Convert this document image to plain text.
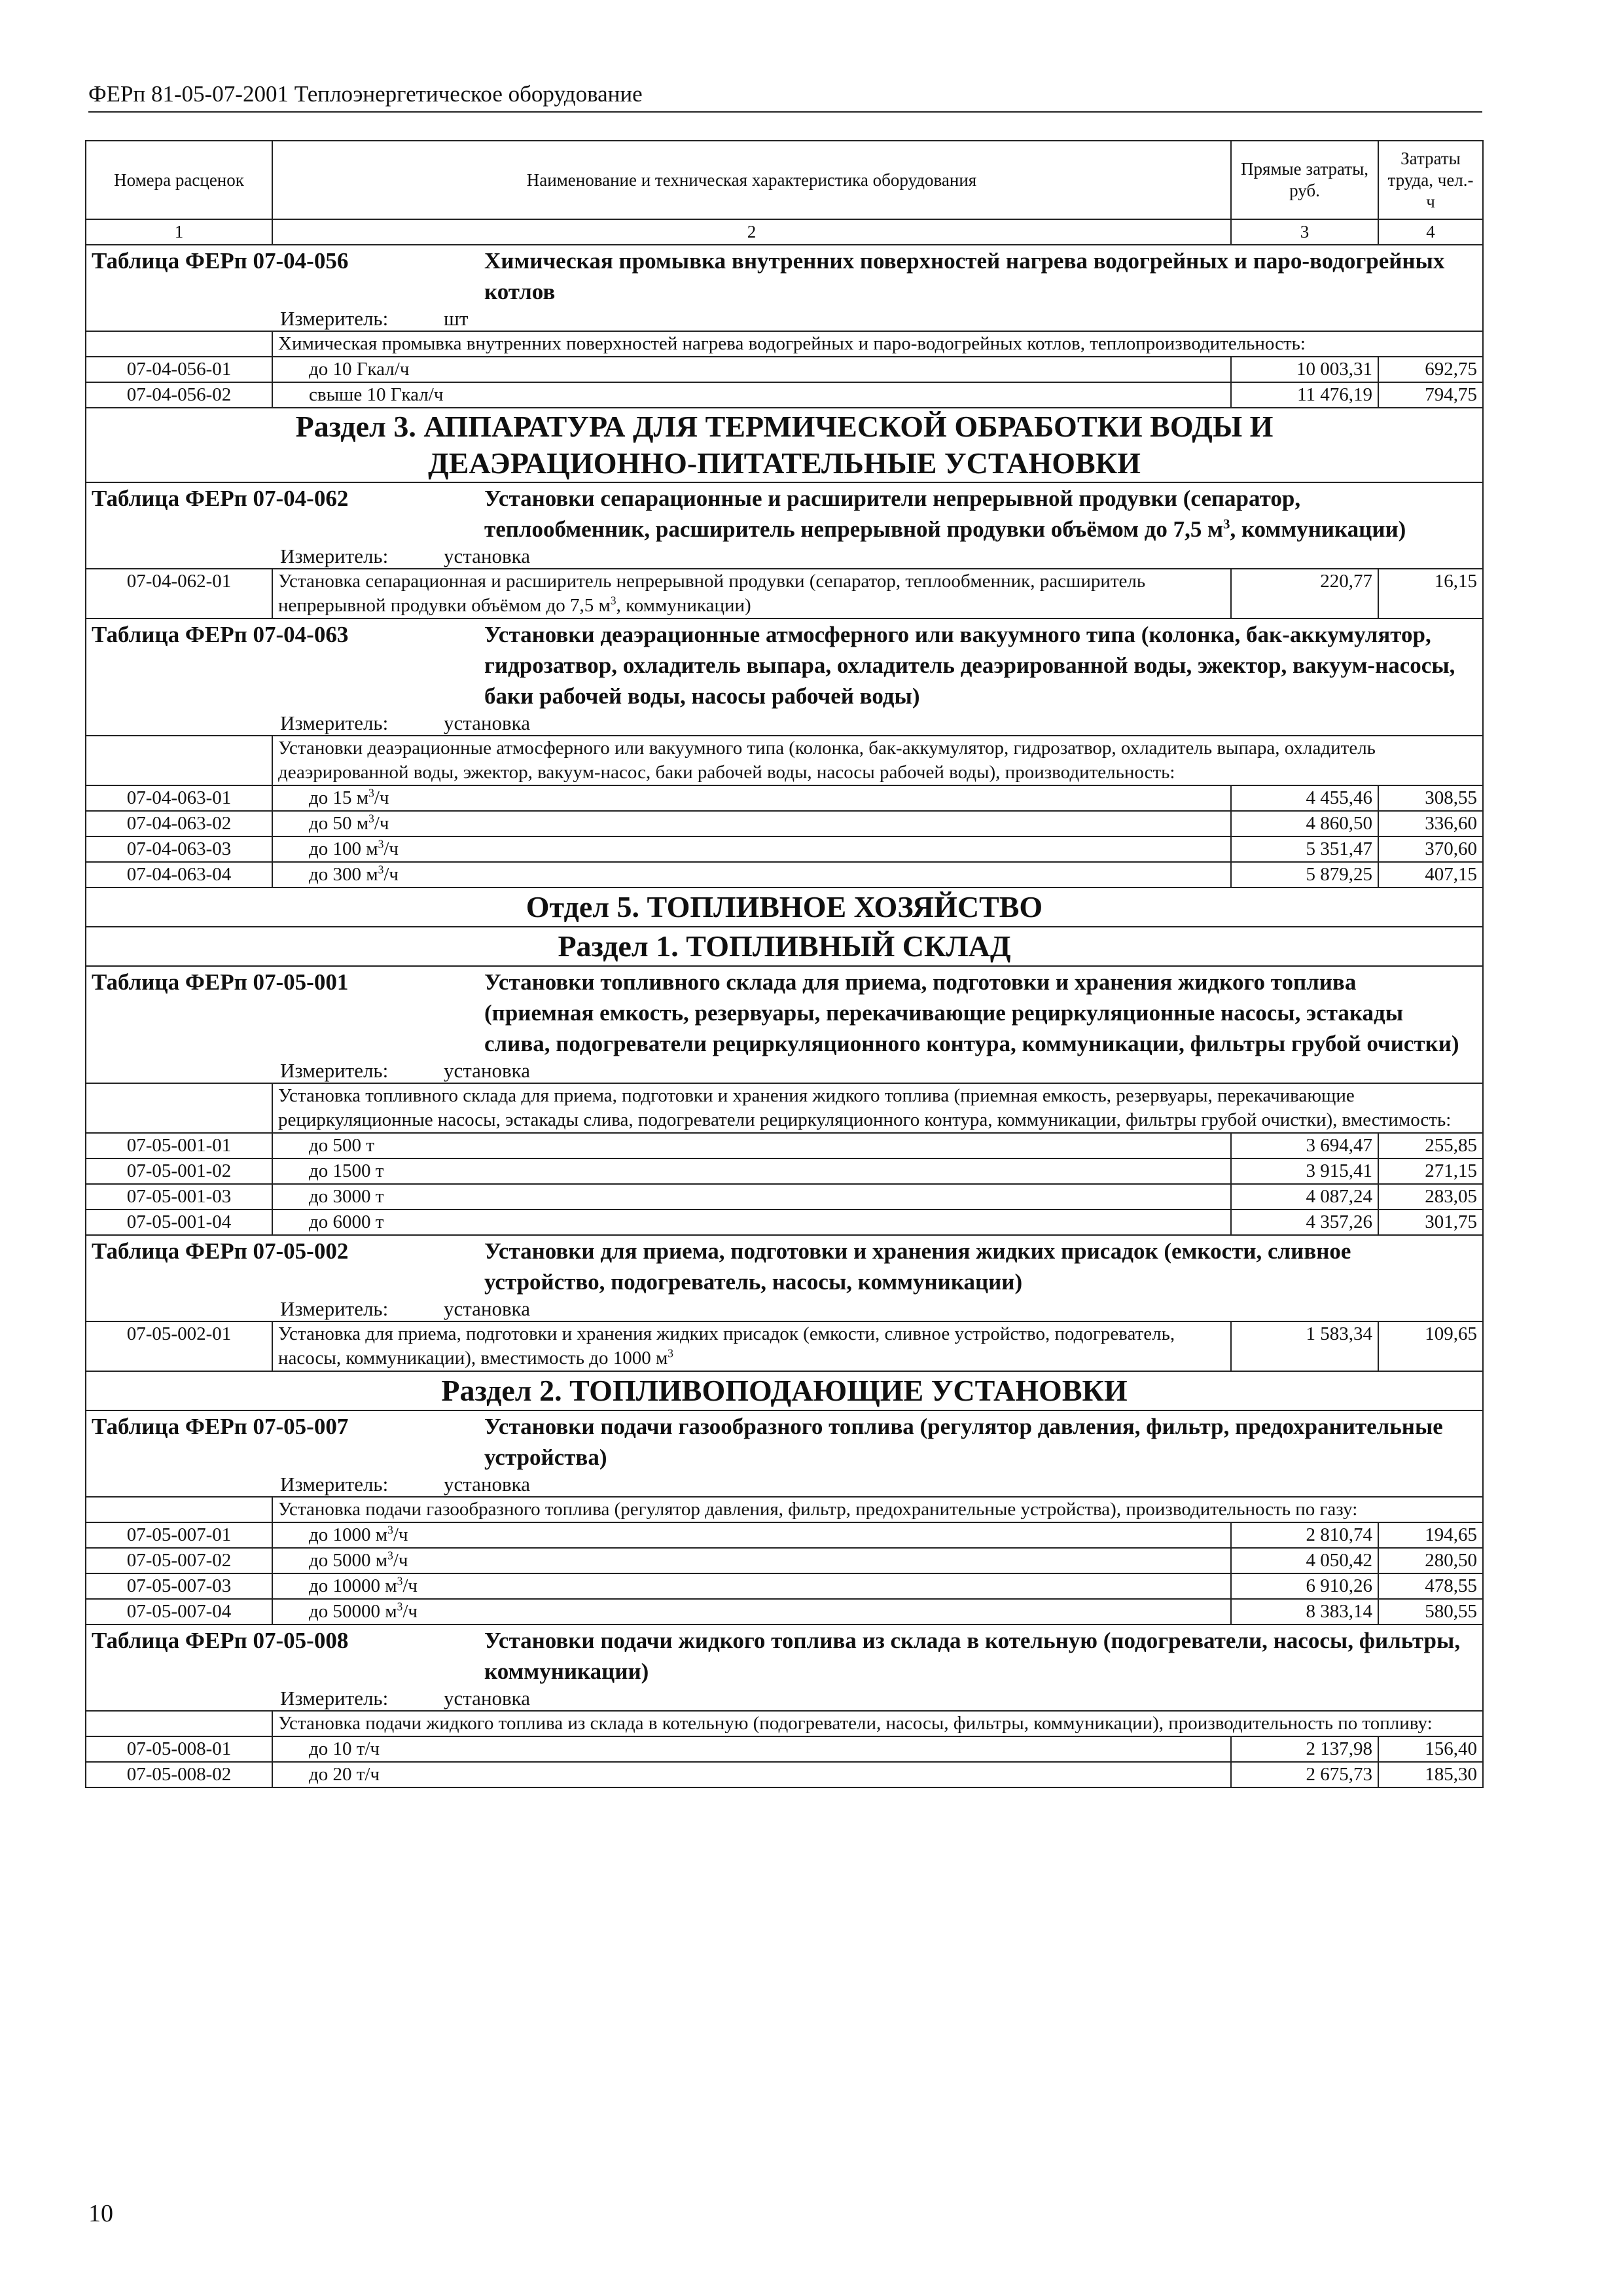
ФЕРп 81-05-07-2001 Теплоэнергетическое оборудование
Номера расценок	Наименование и техническая характеристика оборудования	Прямые затраты, руб.	Затраты труда, чел.-ч
1	2	3	4

Таблица ФЕРп 07-04-056 Химическая промывка внутренних поверхностей нагрева водогрейных и паро-водогрейных котлов
Измеритель: шт			

	Химическая промывка внутренних поверхностей нагрева водогрейных и паро-водогрейных котлов, теплопроизводительность:		
07-04-056-01	до 10 Гкал/ч	10 003,31	692,75
07-04-056-02	свыше 10 Гкал/ч	11 476,19	794,75

Раздел 3. АППАРАТУРА ДЛЯ ТЕРМИЧЕСКОЙ ОБРАБОТКИ ВОДЫ И
ДЕАЭРАЦИОННО-ПИТАТЕЛЬНЫЕ УСТАНОВКИ			

Таблица ФЕРп 07-04-062 Установки сепарационные и расширители непрерывной продувки (сепаратор, теплообменник, расширитель непрерывной продувки объёмом до 7,5 $м^3$, коммуникации)
Измеритель: установка			

07-04-062-01	Установка сепарационная и расширитель непрерывной продувки (сепаратор, теплообменник, расширитель непрерывной продувки объёмом до 7,5 $м^3$, коммуникации)	220,77	16,15

Таблица ФЕРп 07-04-063 Установки деаэрационные атмосферного или вакуумного типа (колонка, бак-аккумулятор, гидрозатвор, охладитель выпара, охладитель деаэрированной воды, эжектор, вакуум-насосы, баки рабочей воды, насосы рабочей воды)
Измеритель: установка			

	Установки деаэрационные атмосферного или вакуумного типа (колонка, бак-аккумулятор, гидрозатвор, охладитель выпара, охладитель деаэрированной воды, эжектор, вакуум-насос, баки рабочей воды, насосы рабочей воды), производительность:		
07-04-063-01	до 15 $м^3/ч$	4 455,46	308,55
07-04-063-02	до 50 $м^3/ч$	4 860,50	336,60
07-04-063-03	до 100 $м^3/ч$	5 351,47	370,60
07-04-063-04	до 300 $м^3/ч$	5 879,25	407,15
Отдел 5. ТОПЛИВНОЕ ХОЗЯЙСТВО			
Раздел 1. ТОПЛИВНЫЙ СКЛАД			

Таблица ФЕРп 07-05-001 Установки топливного склада для приема, подготовки и хранения жидкого топлива (приемная емкость, резервуары, перекачивающие рециркуляционные насосы, эстакады слива, подогреватели рециркуляционного контура, коммуникации, фильтры грубой очистки)
Измеритель: установка			

	Установка топливного склада для приема, подготовки и хранения жидкого топлива (приемная емкость, резервуары, перекачивающие рециркуляционные насосы, эстакады слива, подогреватели рециркуляционного контура, коммуникации, фильтры грубой очистки), вместимость:		
07-05-001-01	до 500 т	3 694,47	255,85
07-05-001-02	до 1500 т	3 915,41	271,15
07-05-001-03	до 3000 т	4 087,24	283,05
07-05-001-04	до 6000 т	4 357,26	301,75

Таблица ФЕРп 07-05-002 Установки для приема, подготовки и хранения жидких присадок (емкости, сливное устройство, подогреватель, насосы, коммуникации)
Измеритель: установка			

07-05-002-01	Установка для приема, подготовки и хранения жидких присадок (емкости, сливное устройство, подогреватель, насосы, коммуникации), вместимость до 1000 $м^3$	1 583,34	109,65
Раздел 2. ТОПЛИВОПОДАЮЩИЕ УСТАНОВКИ			

Таблица ФЕРп 07-05-007 Установки подачи газообразного топлива (регулятор давления, фильтр, предохранительные устройства)
Измеритель: установка			

	Установка подачи газообразного топлива (регулятор давления, фильтр, предохранительные устройства), производительность по газу:		
07-05-007-01	до 1000 $м^3/ч$	2 810,74	194,65
07-05-007-02	до 5000 $м^3/ч$	4 050,42	280,50
07-05-007-03	до 10000 $м^3/ч$	6 910,26	478,55
07-05-007-04	до 50000 $м^3/ч$	8 383,14	580,55

Таблица ФЕРп 07-05-008 Установки подачи жидкого топлива из склада в котельную (подогреватели, насосы, фильтры, коммуникации)
Измеритель: установка			

	Установка подачи жидкого топлива из склада в котельную (подогреватели, насосы, фильтры, коммуникации), производительность по топливу:		
07-05-008-01	до 10 т/ч	2 137,98	156,40
07-05-008-02	до 20 т/ч	2 675,73	185,30
10
